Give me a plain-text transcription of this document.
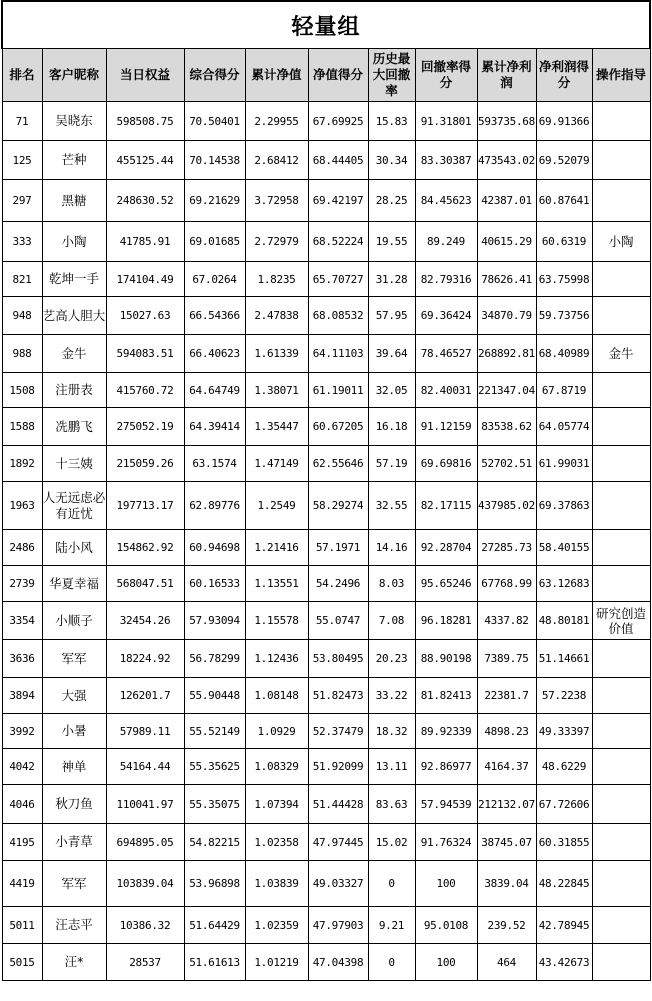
轻量组										
排名	客户昵称	当日权益	综合得分	累计净值	净值得分	历史最大回撤率	回撤率得分	累计净利润	净利润得分	操作指导
71	吴晓东	598508.75	70.50401	2.29955	67.69925	15.83	91.31801	593735.68	69.91366	
125	芒种	455125.44	70.14538	2.68412	68.44405	30.34	83.30387	473543.02	69.52079	
297	黑糖	248630.52	69.21629	3.72958	69.42197	28.25	84.45623	42387.01	60.87641	
333	小陶	41785.91	69.01685	2.72979	68.52224	19.55	89.249	40615.29	60.6319	小陶
821	乾坤一手	174104.49	67.0264	1.8235	65.70727	31.28	82.79316	78626.41	63.75998	
948	艺高人胆大	15027.63	66.54366	2.47838	68.08532	57.95	69.36424	34870.79	59.73756	
988	金牛	594083.51	66.40623	1.61339	64.11103	39.64	78.46527	268892.81	68.40989	金牛
1508	注册表	415760.72	64.64749	1.38071	61.19011	32.05	82.40031	221347.04	67.8719	
1588	冼鹏飞	275052.19	64.39414	1.35447	60.67205	16.18	91.12159	83538.62	64.05774	
1892	十三姨	215059.26	63.1574	1.47149	62.55646	57.19	69.69816	52702.51	61.99031	
1963	人无远虑必有近忧	197713.17	62.89776	1.2549	58.29274	32.55	82.17115	437985.02	69.37863	
2486	陆小风	154862.92	60.94698	1.21416	57.1971	14.16	92.28704	27285.73	58.40155	
2739	华夏幸福	568047.51	60.16533	1.13551	54.2496	8.03	95.65246	67768.99	63.12683	
3354	小顺子	32454.26	57.93094	1.15578	55.0747	7.08	96.18281	4337.82	48.80181	研究创造价值
3636	军军	18224.92	56.78299	1.12436	53.80495	20.23	88.90198	7389.75	51.14661	
3894	大强	126201.7	55.90448	1.08148	51.82473	33.22	81.82413	22381.7	57.2238	
3992	小暑	57989.11	55.52149	1.0929	52.37479	18.32	89.92339	4898.23	49.33397	
4042	神单	54164.44	55.35625	1.08329	51.92099	13.11	92.86977	4164.37	48.6229	
4046	秋刀鱼	110041.97	55.35075	1.07394	51.44428	83.63	57.94539	212132.07	67.72606	
4195	小青草	694895.05	54.82215	1.02358	47.97445	15.02	91.76324	38745.07	60.31855	
4419	军军	103839.04	53.96898	1.03839	49.03327	0	100	3839.04	48.22845	
5011	汪志平	10386.32	51.64429	1.02359	47.97903	9.21	95.0108	239.52	42.78945	
5015	汪*	28537	51.61613	1.01219	47.04398	0	100	464	43.42673	
